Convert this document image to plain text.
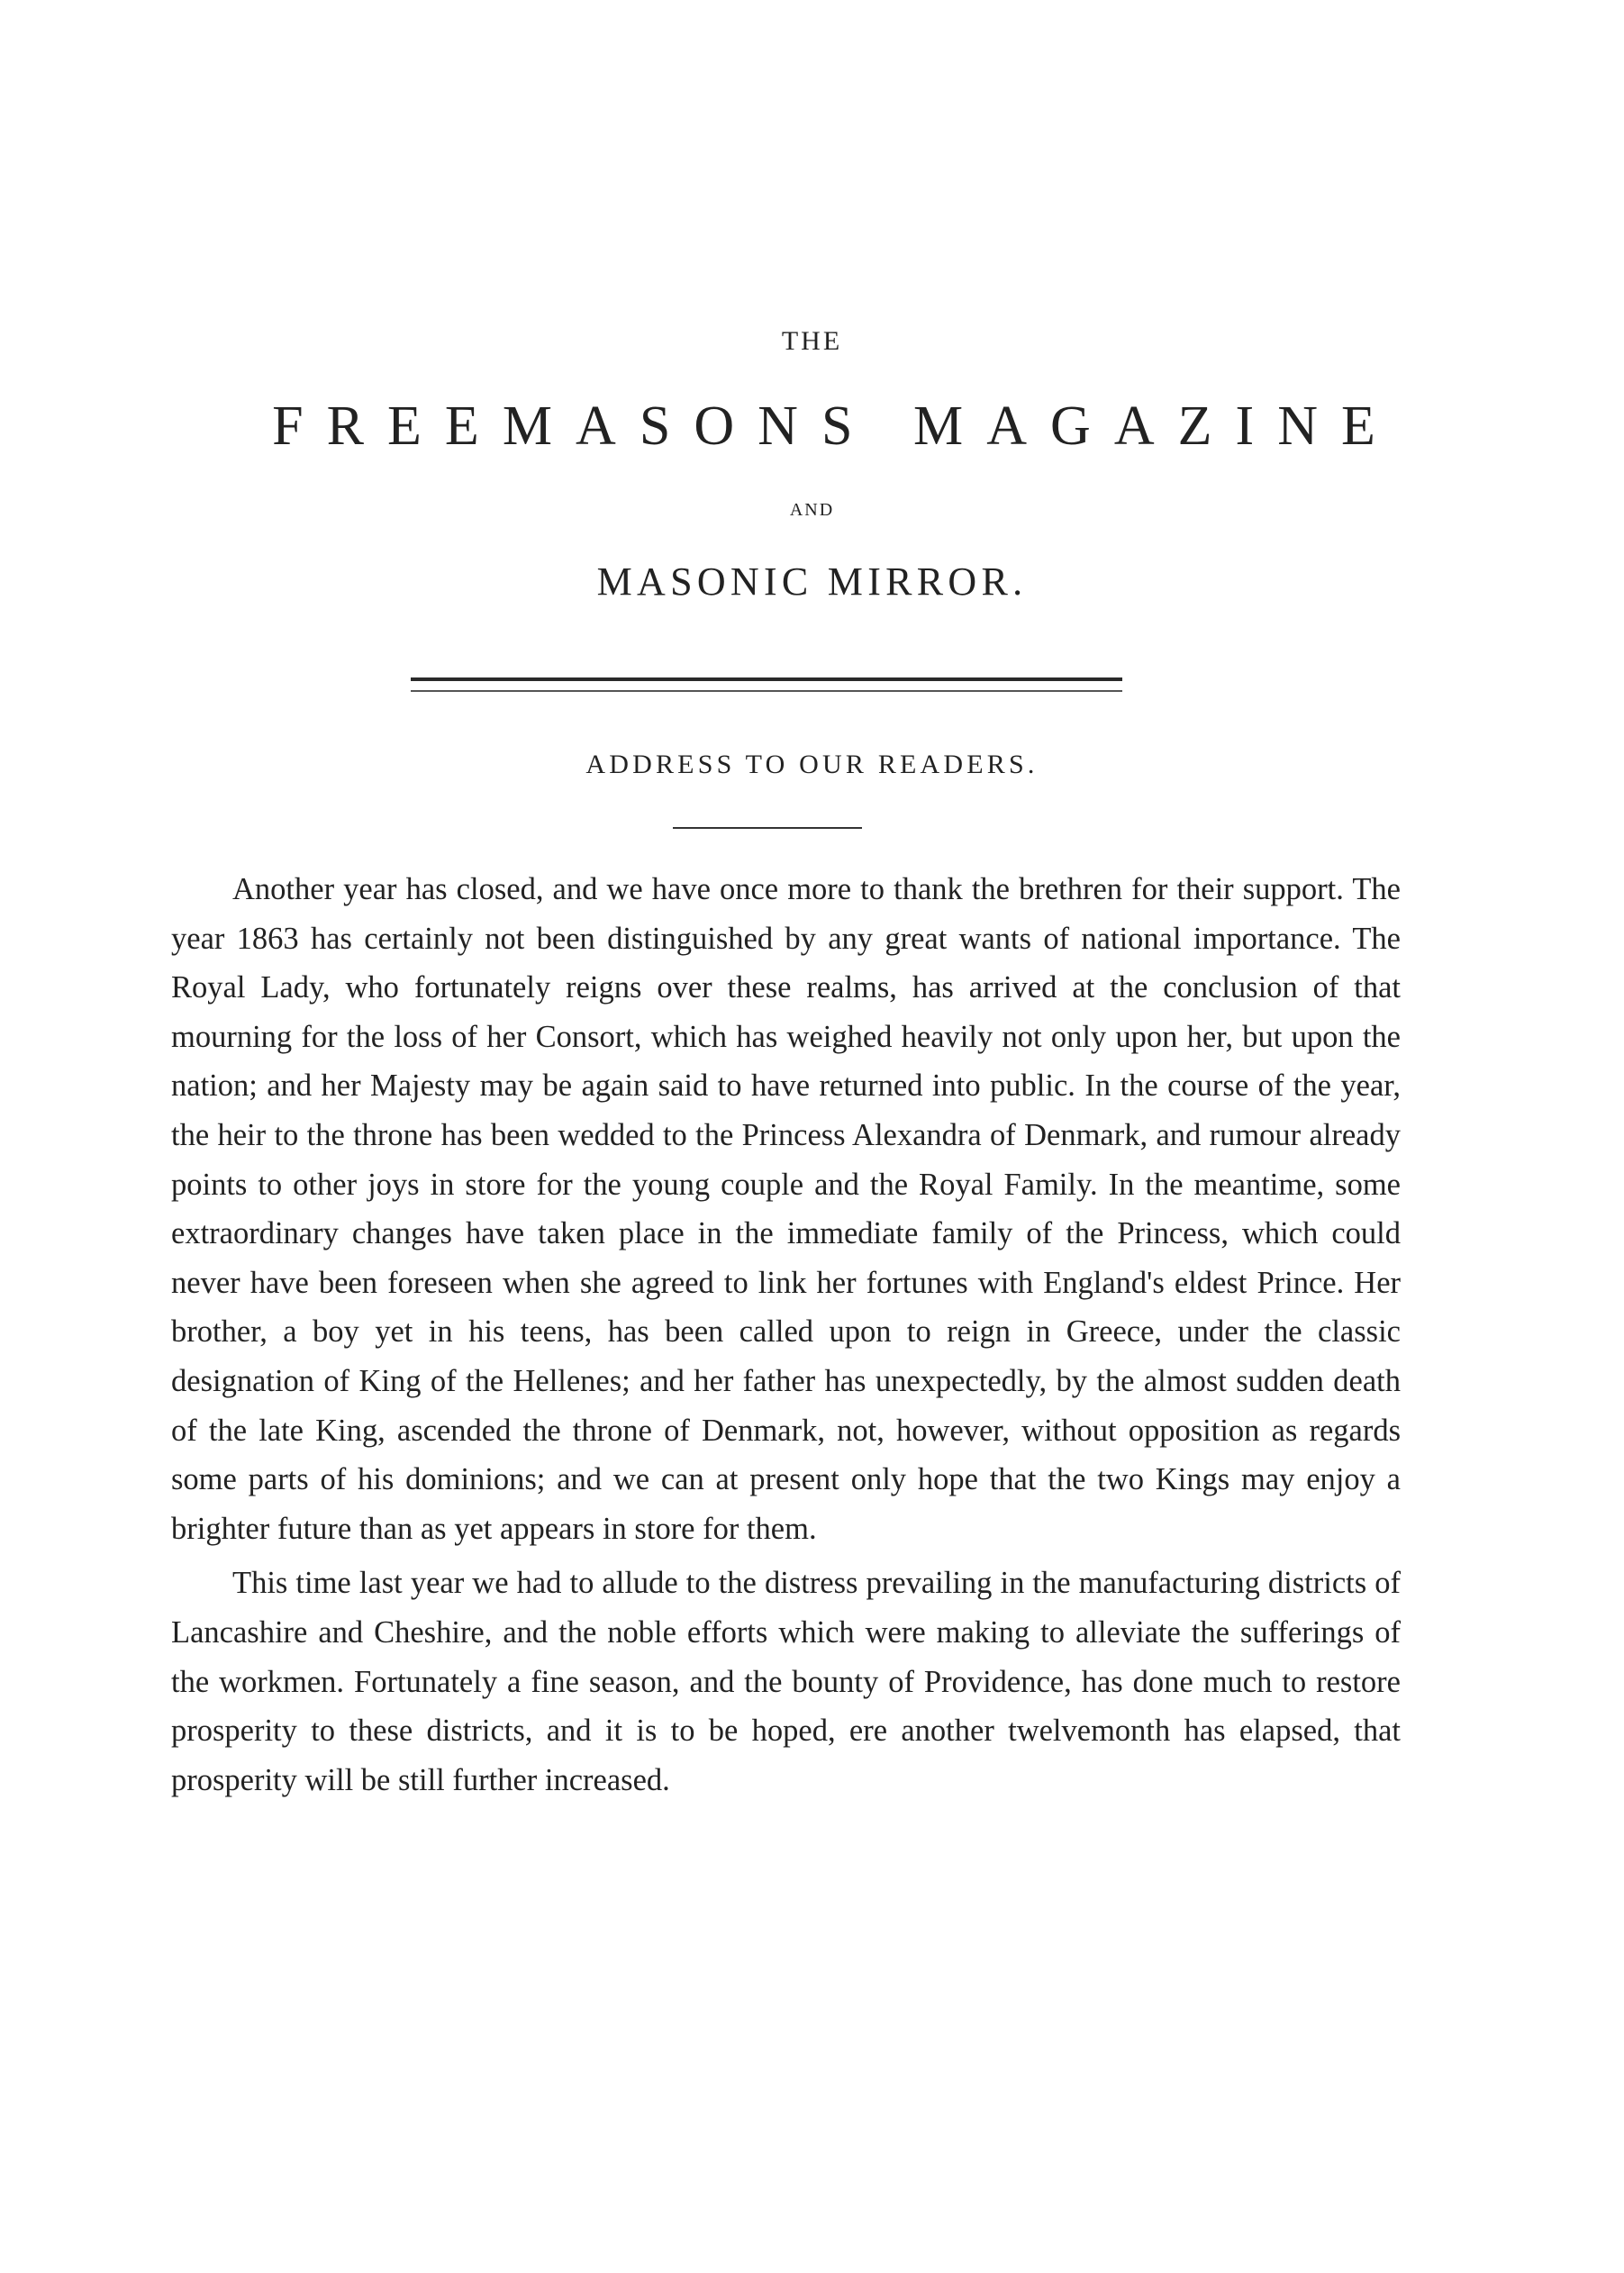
THE
FREEMASONS MAGAZINE
AND
MASONIC MIRROR.
ADDRESS TO OUR READERS.

Another year has closed, and we have once more to thank the brethren for their support. The year 1863 has certainly not been distinguished by any great wants of national importance. The Royal Lady, who fortunately reigns over these realms, has arrived at the conclusion of that mourning for the loss of her Consort, which has weighed heavily not only upon her, but upon the nation; and her Majesty may be again said to have returned into public. In the course of the year, the heir to the throne has been wedded to the Princess Alexandra of Denmark, and rumour already points to other joys in store for the young couple and the Royal Family. In the meantime, some extraordinary changes have taken place in the immediate family of the Princess, which could never have been foreseen when she agreed to link her fortunes with England's eldest Prince. Her brother, a boy yet in his teens, has been called upon to reign in Greece, under the classic designation of King of the Hellenes; and her father has unexpectedly, by the almost sudden death of the late King, ascended the throne of Denmark, not, however, without opposition as regards some parts of his dominions; and we can at present only hope that the two Kings may enjoy a brighter future than as yet appears in store for them.

This time last year we had to allude to the distress prevailing in the manufacturing districts of Lancashire and Cheshire, and the noble efforts which were making to alleviate the sufferings of the workmen. Fortunately a fine season, and the bounty of Providence, has done much to restore prosperity to these districts, and it is to be hoped, ere another twelvemonth has elapsed, that prosperity will be still further increased.
